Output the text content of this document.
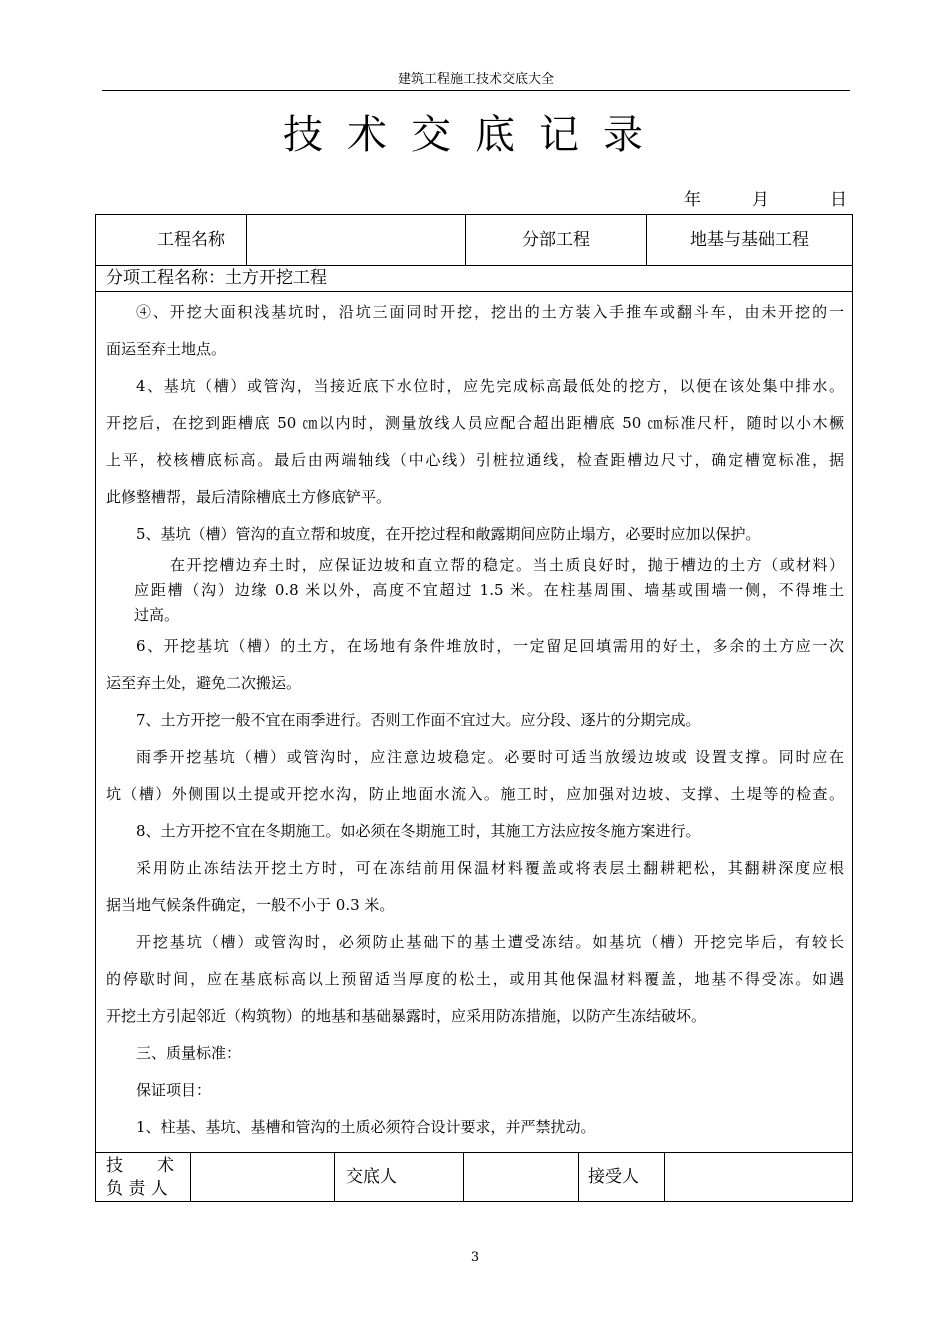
建筑工程施工技术交底大全
技术交底记录
年	月	日
工程名称	分部工程	地基与基础工程
分项工程名称：土方开挖工程
④、开挖大面积浅基坑时，沿坑三面同时开挖，挖出的土方装入手推车或翻斗车，由未开挖的一
面运至弃土地点。
4、基坑（槽）或管沟，当接近底下水位时，应先完成标高最低处的挖方，以便在该处集中排水。
开挖后，在挖到距槽底 50 ㎝以内时，测量放线人员应配合超出距槽底 50 ㎝标准尺杆，随时以小木橛
上平，校核槽底标高。最后由两端轴线（中心线）引桩拉通线，检查距槽边尺寸，确定槽宽标准，据
此修整槽帮，最后清除槽底土方修底铲平。
5、基坑（槽）管沟的直立帮和坡度，在开挖过程和敞露期间应防止塌方，必要时应加以保护。
在开挖槽边弃土时，应保证边坡和直立帮的稳定。当土质良好时，抛于槽边的土方（或材料）
应距槽（沟）边缘 0.8 米以外，高度不宜超过 1.5 米。在柱基周围、墙基或围墙一侧，不得堆土
过高。
6、开挖基坑（槽）的土方，在场地有条件堆放时，一定留足回填需用的好土，多余的土方应一次
运至弃土处，避免二次搬运。
7、土方开挖一般不宜在雨季进行。否则工作面不宜过大。应分段、逐片的分期完成。
雨季开挖基坑（槽）或管沟时，应注意边坡稳定。必要时可适当放缓边坡或 设置支撑。同时应在
坑（槽）外侧围以土提或开挖水沟，防止地面水流入。施工时，应加强对边坡、支撑、土堤等的检查。
8、土方开挖不宜在冬期施工。如必须在冬期施工时，其施工方法应按冬施方案进行。
采用防止冻结法开挖土方时，可在冻结前用保温材料覆盖或将表层土翻耕耙松，其翻耕深度应根
据当地气候条件确定，一般不小于 0.3 米。
开挖基坑（槽）或管沟时，必须防止基础下的基土遭受冻结。如基坑（槽）开挖完毕后，有较长
的停歇时间，应在基底标高以上预留适当厚度的松土，或用其他保温材料覆盖，地基不得受冻。如遇
开挖土方引起邻近（构筑物）的地基和基础暴露时，应采用防冻措施，以防产生冻结破坏。
三、质量标准：
保证项目：
1、柱基、基坑、基槽和管沟的土质必须符合设计要求，并严禁扰动。
技　　术
负 责 人
交底人	接受人
3
